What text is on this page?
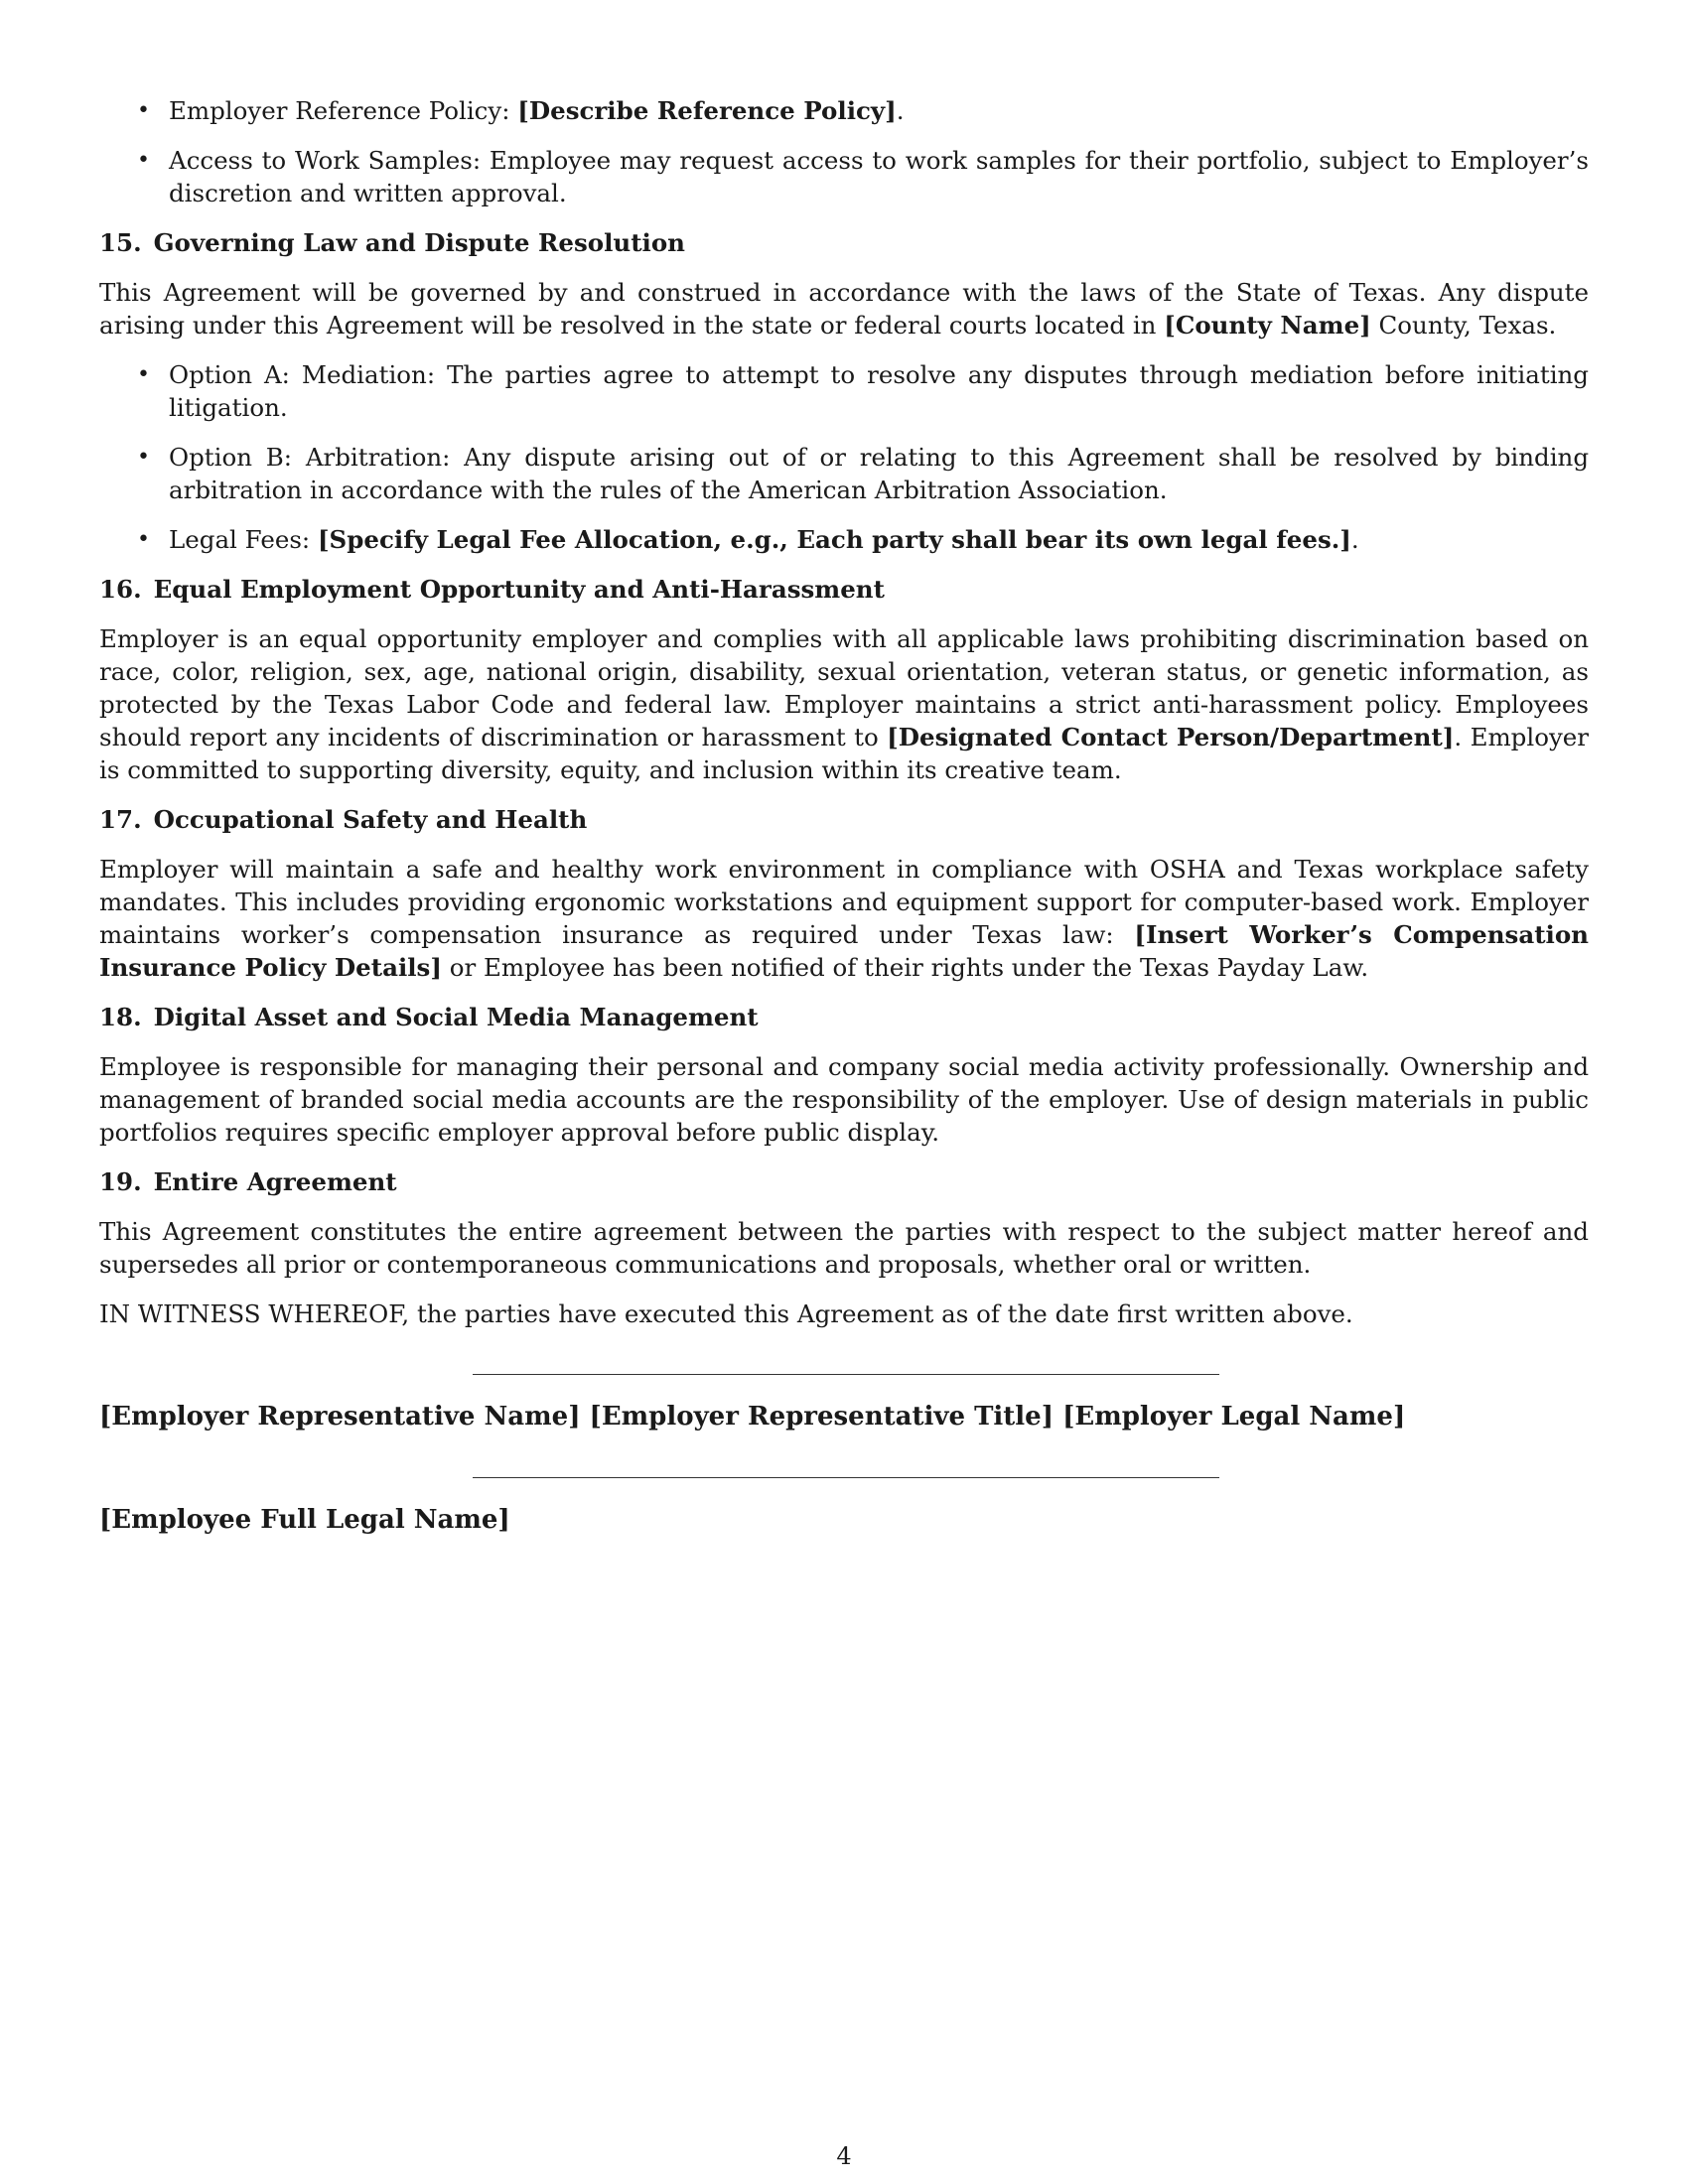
• Employer Reference Policy: [Describe Reference Policy].
• Access to Work Samples: Employee may request access to work samples for their portfolio, subject to Employer’s discretion and written approval.
15. Governing Law and Dispute Resolution

This Agreement will be governed by and construed in accordance with the laws of the State of Texas. Any dispute arising under this Agreement will be resolved in the state or federal courts located in [County Name] County, Texas.

• Option A: Mediation: The parties agree to attempt to resolve any disputes through mediation before initiating litigation.
• Option B: Arbitration: Any dispute arising out of or relating to this Agreement shall be resolved by binding arbitration in accordance with the rules of the American Arbitration Association.
• Legal Fees: [Specify Legal Fee Allocation, e.g., Each party shall bear its own legal fees.].
16. Equal Employment Opportunity and Anti-Harassment

Employer is an equal opportunity employer and complies with all applicable laws prohibiting discrimination based on race, color, religion, sex, age, national origin, disability, sexual orientation, veteran status, or genetic information, as protected by the Texas Labor Code and federal law. Employer maintains a strict anti-harassment policy. Employees should report any incidents of discrimination or harassment to [Designated Contact Person/Department]. Employer is committed to supporting diversity, equity, and inclusion within its creative team.

17. Occupational Safety and Health

Employer will maintain a safe and healthy work environment in compliance with OSHA and Texas workplace safety mandates. This includes providing ergonomic workstations and equipment support for computer-based work. Employer maintains worker’s compensation insurance as required under Texas law: [Insert Worker’s Compensation Insurance Policy Details] or Employee has been notified of their rights under the Texas Payday Law.

18. Digital Asset and Social Media Management

Employee is responsible for managing their personal and company social media activity professionally. Ownership and management of branded social media accounts are the responsibility of the employer. Use of design materials in public portfolios requires specific employer approval before public display.

19. Entire Agreement

This Agreement constitutes the entire agreement between the parties with respect to the subject matter hereof and supersedes all prior or contemporaneous communications and proposals, whether oral or written.

IN WITNESS WHEREOF, the parties have executed this Agreement as of the date first written above.

[Employer Representative Name] [Employer Representative Title] [Employer Legal Name]
[Employee Full Legal Name]
4
